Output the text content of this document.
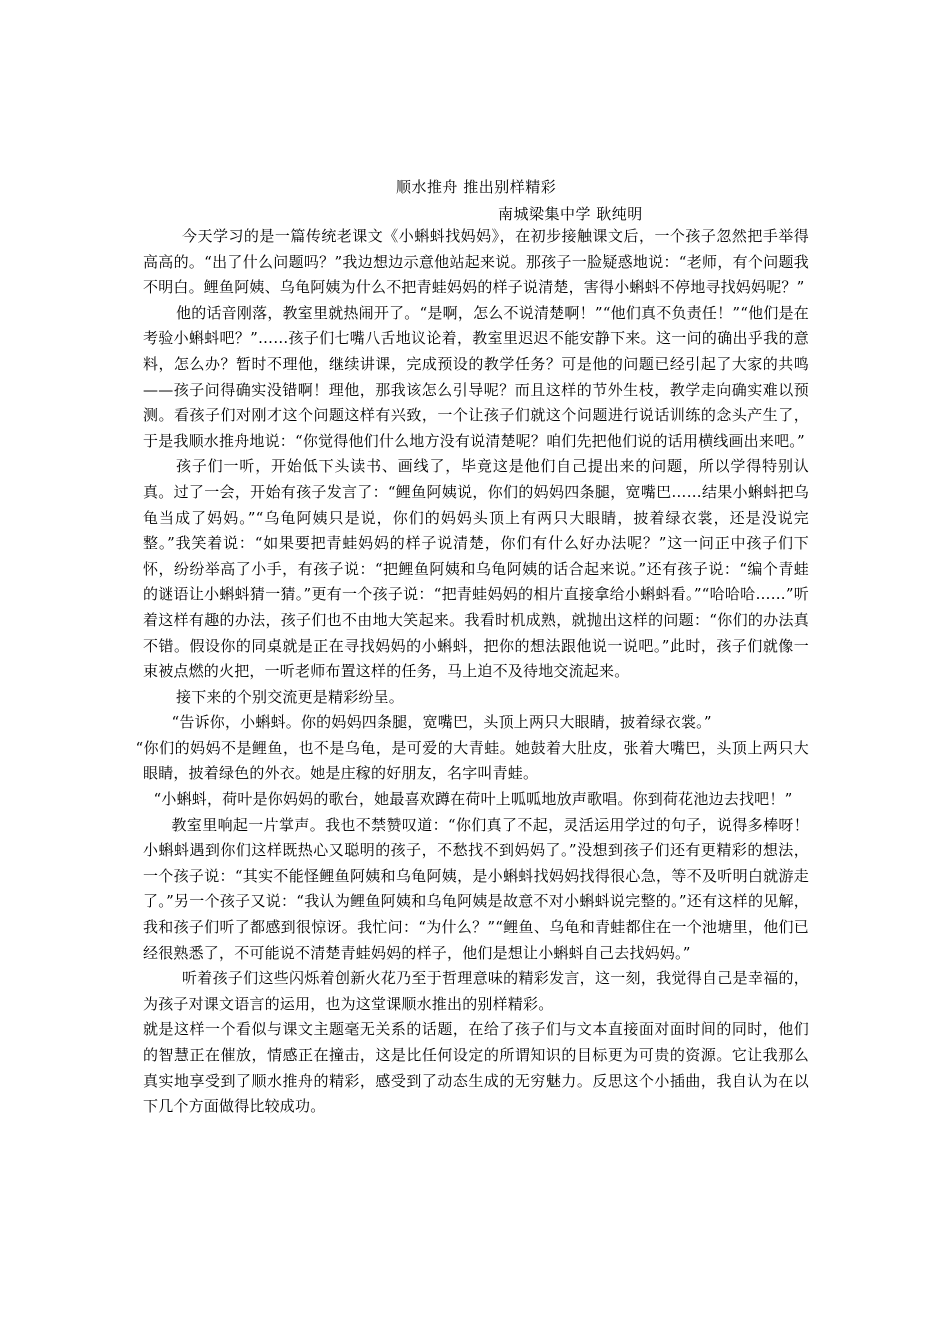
顺水推舟 推出别样精彩
南城梁集中学 耿纯明

今天学习的是一篇传统老课文《小蝌蚪找妈妈》，在初步接触课文后，一个孩子忽然把手举得高高的。“出了什么问题吗？”我边想边示意他站起来说。那孩子一脸疑惑地说：“老师，有个问题我不明白。鲤鱼阿姨、乌龟阿姨为什么不把青蛙妈妈的样子说清楚，害得小蝌蚪不停地寻找妈妈呢？”

他的话音刚落，教室里就热闹开了。“是啊，怎么不说清楚啊！”“他们真不负责任！”“他们是在考验小蝌蚪吧？”……孩子们七嘴八舌地议论着，教室里迟迟不能安静下来。这一问的确出乎我的意料，怎么办？暂时不理他，继续讲课，完成预设的教学任务？可是他的问题已经引起了大家的共鸣——孩子问得确实没错啊！理他，那我该怎么引导呢？而且这样的节外生枝，教学走向确实难以预测。看孩子们对刚才这个问题这样有兴致，一个让孩子们就这个问题进行说话训练的念头产生了，于是我顺水推舟地说：“你觉得他们什么地方没有说清楚呢？咱们先把他们说的话用横线画出来吧。”

孩子们一听，开始低下头读书、画线了，毕竟这是他们自己提出来的问题，所以学得特别认真。过了一会，开始有孩子发言了：“鲤鱼阿姨说，你们的妈妈四条腿，宽嘴巴……结果小蝌蚪把乌龟当成了妈妈。”“乌龟阿姨只是说，你们的妈妈头顶上有两只大眼睛，披着绿衣裳，还是没说完整。”我笑着说：“如果要把青蛙妈妈的样子说清楚，你们有什么好办法呢？”这一问正中孩子们下怀，纷纷举高了小手，有孩子说：“把鲤鱼阿姨和乌龟阿姨的话合起来说。”还有孩子说：“编个青蛙的谜语让小蝌蚪猜一猜。”更有一个孩子说：“把青蛙妈妈的相片直接拿给小蝌蚪看。”“哈哈哈……”听着这样有趣的办法，孩子们也不由地大笑起来。我看时机成熟，就抛出这样的问题：“你们的办法真不错。假设你的同桌就是正在寻找妈妈的小蝌蚪，把你的想法跟他说一说吧。”此时，孩子们就像一束被点燃的火把，一听老师布置这样的任务，马上迫不及待地交流起来。

接下来的个别交流更是精彩纷呈。

“告诉你，小蝌蚪。你的妈妈四条腿，宽嘴巴，头顶上两只大眼睛，披着绿衣裳。”

“你们的妈妈不是鲤鱼，也不是乌龟，是可爱的大青蛙。她鼓着大肚皮，张着大嘴巴，头顶上两只大眼睛，披着绿色的外衣。她是庄稼的好朋友，名字叫青蛙。

“小蝌蚪，荷叶是你妈妈的歌台，她最喜欢蹲在荷叶上呱呱地放声歌唱。你到荷花池边去找吧！”

教室里响起一片掌声。我也不禁赞叹道：“你们真了不起，灵活运用学过的句子，说得多棒呀！小蝌蚪遇到你们这样既热心又聪明的孩子，不愁找不到妈妈了。”没想到孩子们还有更精彩的想法，一个孩子说：“其实不能怪鲤鱼阿姨和乌龟阿姨，是小蝌蚪找妈妈找得很心急，等不及听明白就游走了。”另一个孩子又说：“我认为鲤鱼阿姨和乌龟阿姨是故意不对小蝌蚪说完整的。”还有这样的见解，我和孩子们听了都感到很惊讶。我忙问：“为什么？”“鲤鱼、乌龟和青蛙都住在一个池塘里，他们已经很熟悉了，不可能说不清楚青蛙妈妈的样子，他们是想让小蝌蚪自己去找妈妈。”

听着孩子们这些闪烁着创新火花乃至于哲理意味的精彩发言，这一刻，我觉得自己是幸福的，为孩子对课文语言的运用，也为这堂课顺水推出的别样精彩。

就是这样一个看似与课文主题毫无关系的话题，在给了孩子们与文本直接面对面时间的同时，他们的智慧正在催放，情感正在撞击，这是比任何设定的所谓知识的目标更为可贵的资源。它让我那么真实地享受到了顺水推舟的精彩，感受到了动态生成的无穷魅力。反思这个小插曲，我自认为在以下几个方面做得比较成功。
